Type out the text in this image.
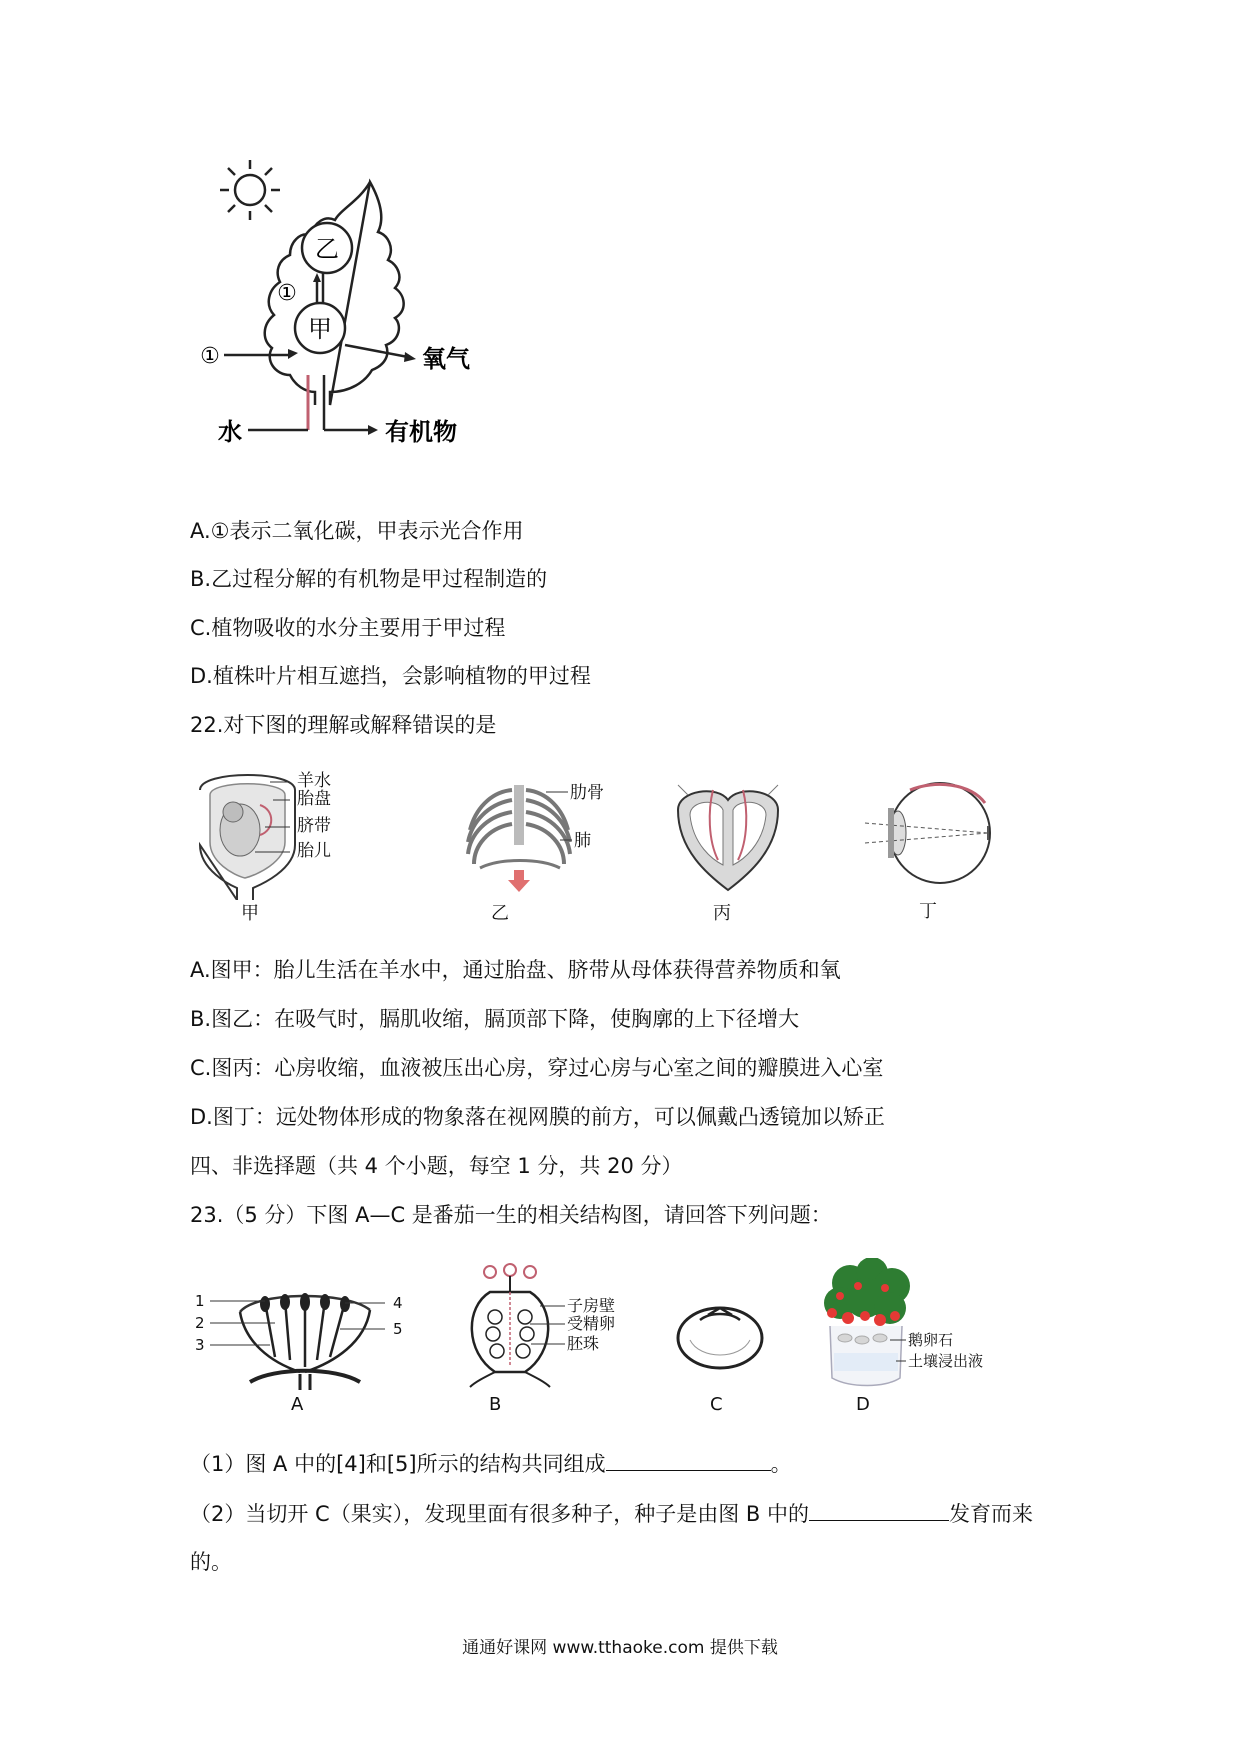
乙
甲
①
①	氧气
水	有机物
A.①表示二氧化碳，甲表示光合作用
B.乙过程分解的有机物是甲过程制造的
C.植物吸收的水分主要用于甲过程
D.植株叶片相互遮挡，会影响植物的甲过程
22.对下图的理解或解释错误的是
羊水
胎盘
脐带
胎儿
甲
肋骨
肺
乙	丙	丁
A.图甲：胎儿生活在羊水中，通过胎盘、脐带从母体获得营养物质和氧
B.图乙：在吸气时，膈肌收缩，膈顶部下降，使胸廓的上下径增大
C.图丙：心房收缩，血液被压出心房，穿过心房与心室之间的瓣膜进入心室
D.图丁：远处物体形成的物象落在视网膜的前方，可以佩戴凸透镜加以矫正
四、非选择题（共 4 个小题，每空 1 分，共 20 分）
23.（5 分）下图 A—C 是番茄一生的相关结构图，请回答下列问题：
1
2
3
4
5
A
子房壁
受精卵
胚珠
B	C
鹅卵石
土壤浸出液
D
（1）图 A 中的[4]和[5]所示的结构共同组成	。
（2）当切开 C（果实），发现里面有很多种子，种子是由图 B 中的	发育而来
的。
通通好课网 www.tthaoke.com 提供下载
